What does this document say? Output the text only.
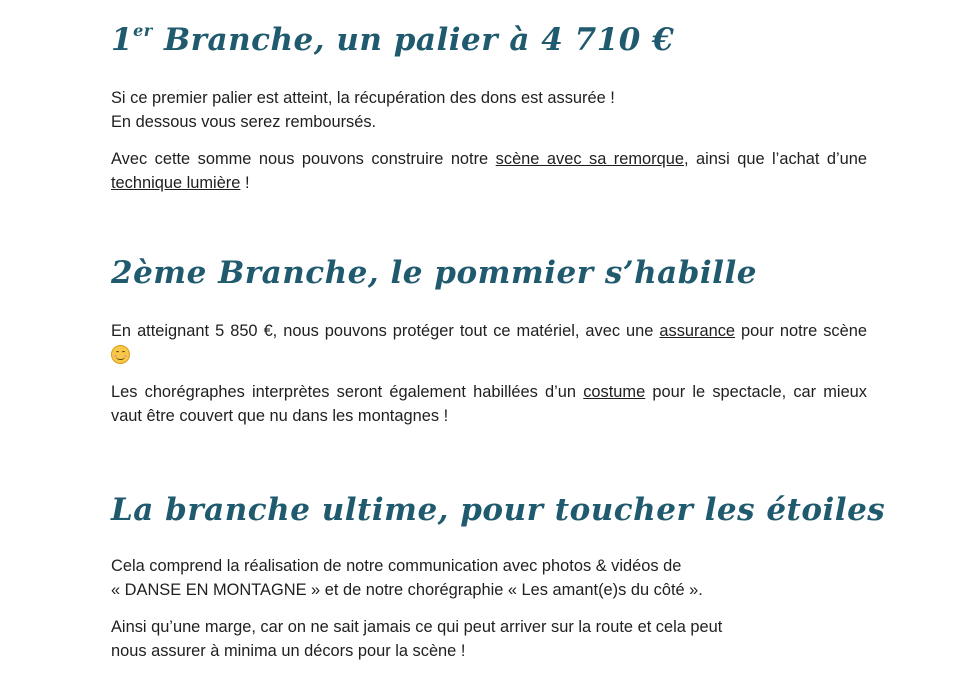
1er Branche, un palier à 4 710 €

Si ce premier palier est atteint, la récupération des dons est assurée !
En dessous vous serez remboursés.

Avec cette somme nous pouvons construire notre scène avec sa remorque, ainsi que l’achat d’une technique lumière !

2ème Branche, le pommier s’habille

En atteignant 5 850 €, nous pouvons protéger tout ce matériel, avec une assurance pour notre scène

Les chorégraphes interprètes seront également habillées d’un costume pour le spectacle, car mieux vaut être couvert que nu dans les montagnes !

La branche ultime, pour toucher les étoiles

Cela comprend la réalisation de notre communication avec photos & vidéos de
« DANSE EN MONTAGNE » et de notre chorégraphie « Les amant(e)s du côté ».

Ainsi qu’une marge, car on ne sait jamais ce qui peut arriver sur la route et cela peut
nous assurer à minima un décors pour la scène !
